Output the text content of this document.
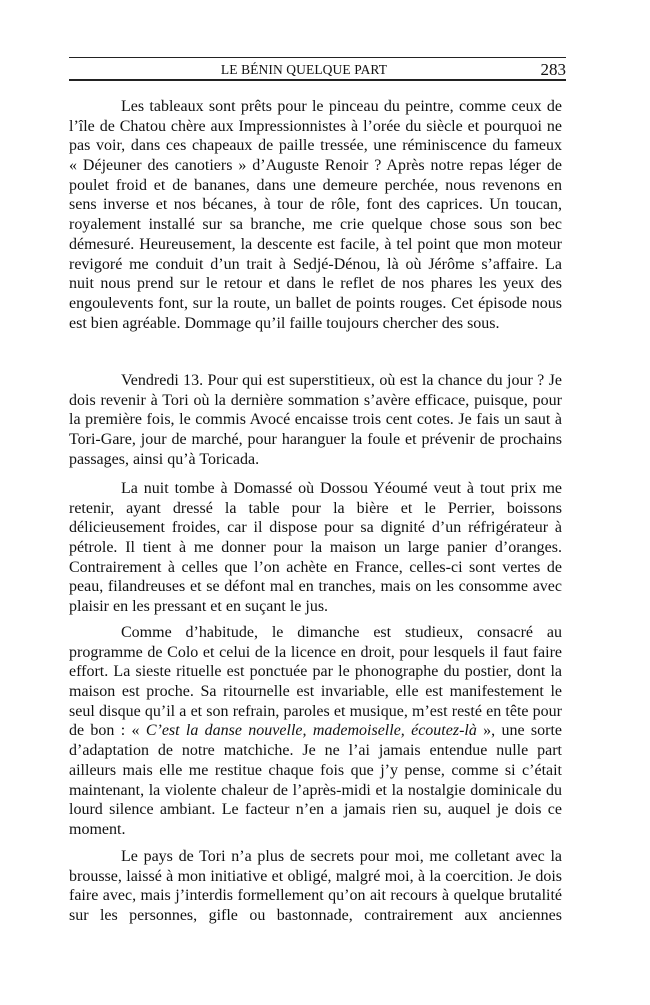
LE BÉNIN QUELQUE PART	283
Les tableaux sont prêts pour le pinceau du peintre, comme ceux de
l’île de Chatou chère aux Impressionnistes à l’orée du siècle et pourquoi ne
pas voir, dans ces chapeaux de paille tressée, une réminiscence du fameux
« Déjeuner des canotiers » d’Auguste Renoir ? Après notre repas léger de
poulet froid et de bananes, dans une demeure perchée, nous revenons en
sens inverse et nos bécanes, à tour de rôle, font des caprices. Un toucan,
royalement installé sur sa branche, me crie quelque chose sous son bec
démesuré. Heureusement, la descente est facile, à tel point que mon moteur
revigoré me conduit d’un trait à Sedjé-Dénou, là où Jérôme s’affaire. La
nuit nous prend sur le retour et dans le reflet de nos phares les yeux des
engoulevents font, sur la route, un ballet de points rouges. Cet épisode nous
est bien agréable. Dommage qu’il faille toujours chercher des sous.
Vendredi 13. Pour qui est superstitieux, où est la chance du jour ? Je
dois revenir à Tori où la dernière sommation s’avère efficace, puisque, pour
la première fois, le commis Avocé encaisse trois cent cotes. Je fais un saut à
Tori-Gare, jour de marché, pour haranguer la foule et prévenir de prochains
passages, ainsi qu’à Toricada.
La nuit tombe à Domassé où Dossou Yéoumé veut à tout prix me
retenir, ayant dressé la table pour la bière et le Perrier, boissons
délicieusement froides, car il dispose pour sa dignité d’un réfrigérateur à
pétrole. Il tient à me donner pour la maison un large panier d’oranges.
Contrairement à celles que l’on achète en France, celles-ci sont vertes de
peau, filandreuses et se défont mal en tranches, mais on les consomme avec
plaisir en les pressant et en suçant le jus.
Comme d’habitude, le dimanche est studieux, consacré au
programme de Colo et celui de la licence en droit, pour lesquels il faut faire
effort. La sieste rituelle est ponctuée par le phonographe du postier, dont la
maison est proche. Sa ritournelle est invariable, elle est manifestement le
seul disque qu’il a et son refrain, paroles et musique, m’est resté en tête pour
de bon : « C’est la danse nouvelle, mademoiselle, écoutez-là », une sorte
d’adaptation de notre matchiche. Je ne l’ai jamais entendue nulle part
ailleurs mais elle me restitue chaque fois que j’y pense, comme si c’était
maintenant, la violente chaleur de l’après-midi et la nostalgie dominicale du
lourd silence ambiant. Le facteur n’en a jamais rien su, auquel je dois ce
moment.
Le pays de Tori n’a plus de secrets pour moi, me colletant avec la
brousse, laissé à mon initiative et obligé, malgré moi, à la coercition. Je dois
faire avec, mais j’interdis formellement qu’on ait recours à quelque brutalité
sur les personnes, gifle ou bastonnade, contrairement aux anciennes
